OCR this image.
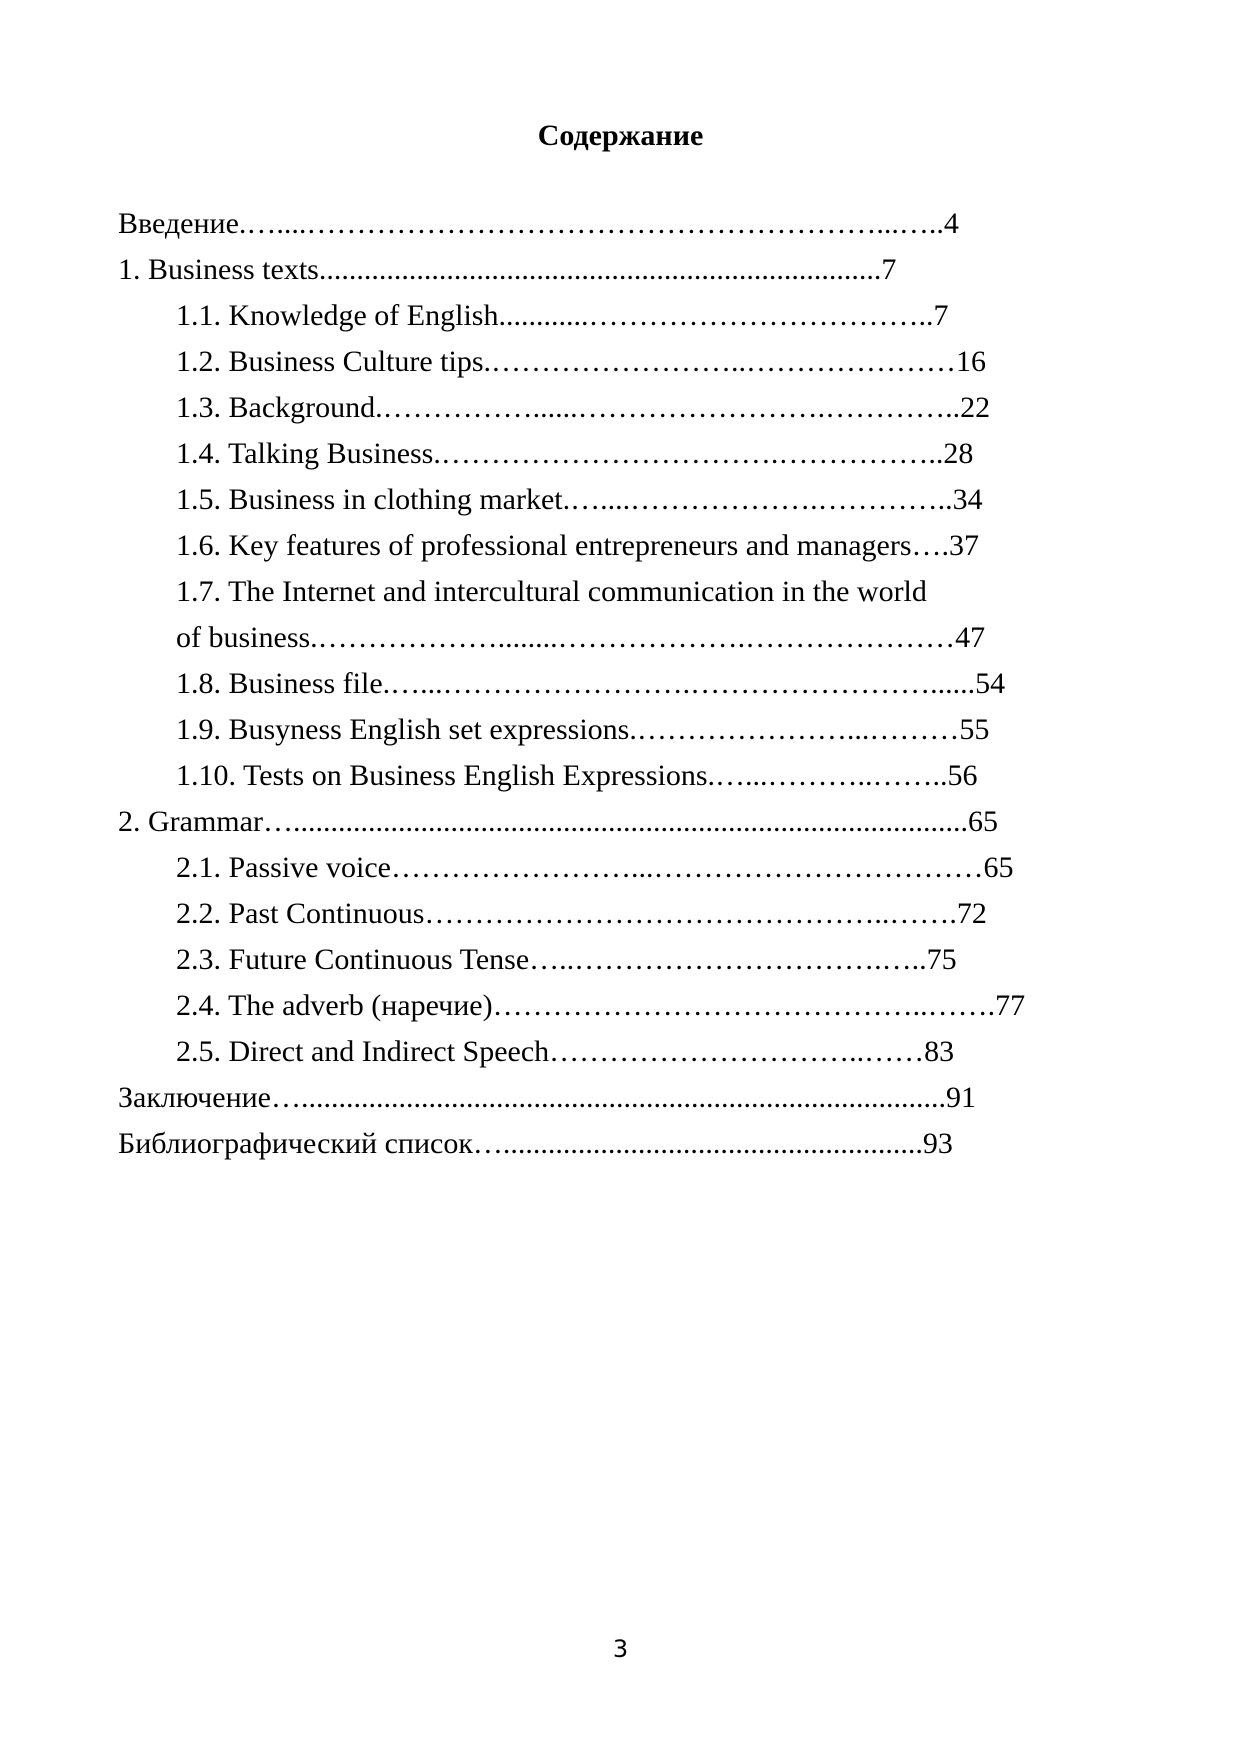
Содержание
Введение.…....…………………………………………………...…..4
1. Business texts...........................................................................7
1.1. Knowledge of English............……………………………..7
1.2. Business Culture tips.……………………..…………………16
1.3. Background.……………......…………………….…………..22
1.4. Talking Business.…………………………….……………..28
1.5. Business in clothing market.…....……………….…………..34
1.6. Key features of professional entrepreneurs and managers….37
1.7. The Internet and intercultural communication in the world
of business.………………........……………….…………………47
1.8. Business file.…...…………………….……………………......54
1.9. Busyness English set expressions.…………………...………55
1.10. Tests on Business English Expressions.…...………..……..56
2. Grammar…..........................................................................................65
2.1. Passive voice……………………...……………………………65
2.2. Past Continuous………………………………………..…….72
2.3. Future Continuous Tense…..………………………….…..75
2.4. The adverb (наречие)……………………………………..…….77
2.5. Direct and Indirect Speech…………………………..……83
Заключение…......................................................................................91
Библиографический список…........................................................93
3
